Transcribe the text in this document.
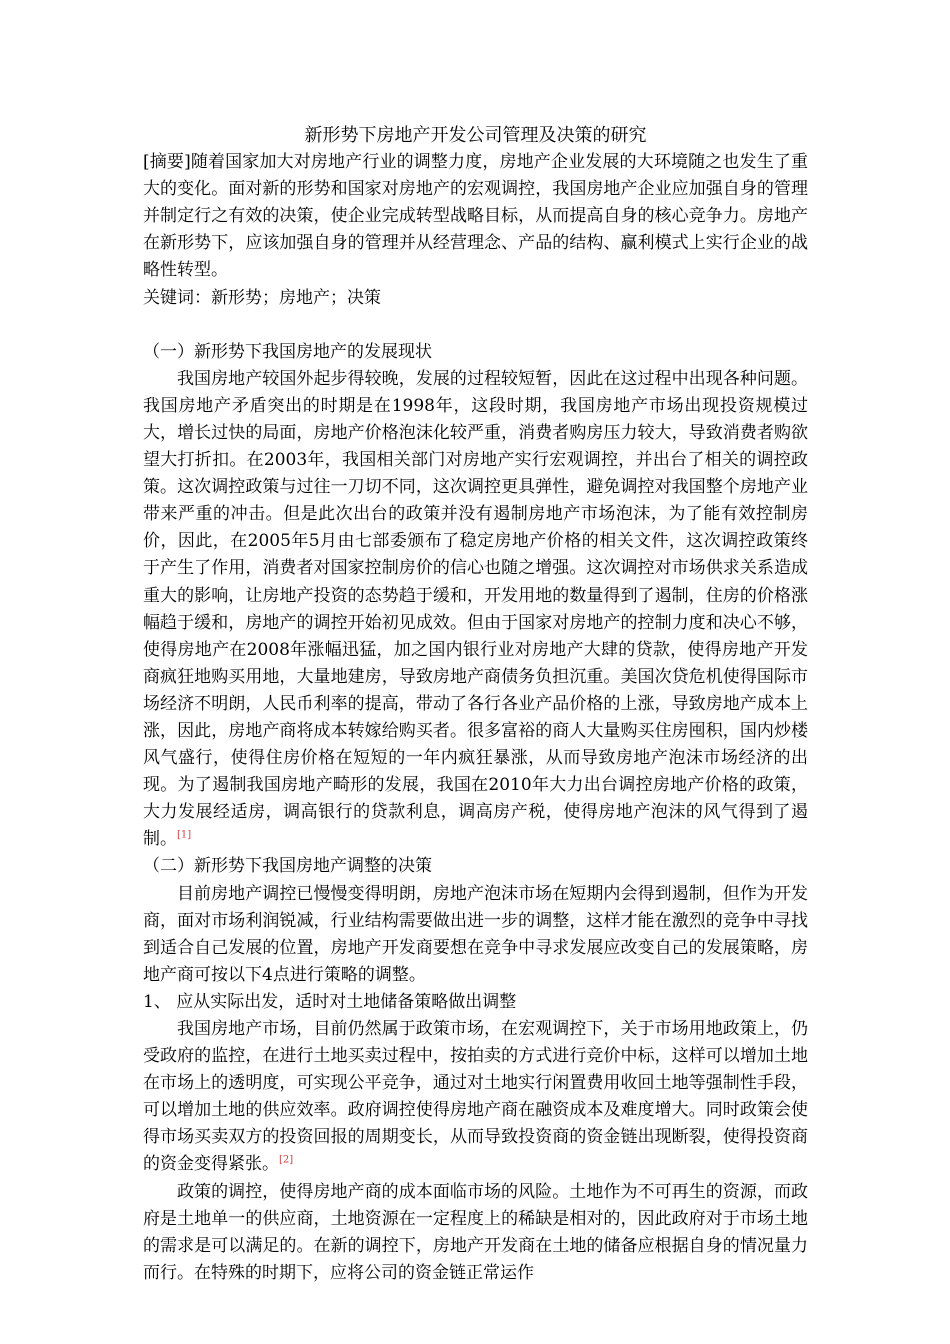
新形势下房地产开发公司管理及决策的研究

[摘要]随着国家加大对房地产行业的调整力度，房地产企业发展的大环境随之也发生了重大的变化。面对新的形势和国家对房地产的宏观调控，我国房地产企业应加强自身的管理并制定行之有效的决策，使企业完成转型战略目标，从而提高自身的核心竞争力。房地产在新形势下，应该加强自身的管理并从经营理念、产品的结构、赢利模式上实行企业的战略性转型。

关键词：新形势；房地产；决策

（一）新形势下我国房地产的发展现状

我国房地产较国外起步得较晚，发展的过程较短暂，因此在这过程中出现各种问题。我国房地产矛盾突出的时期是在1998年，这段时期，我国房地产市场出现投资规模过大，增长过快的局面，房地产价格泡沫化较严重，消费者购房压力较大，导致消费者购欲望大打折扣。在2003年，我国相关部门对房地产实行宏观调控，并出台了相关的调控政策。这次调控政策与过往一刀切不同，这次调控更具弹性，避免调控对我国整个房地产业带来严重的冲击。但是此次出台的政策并没有遏制房地产市场泡沫，为了能有效控制房价，因此，在2005年5月由七部委颁布了稳定房地产价格的相关文件，这次调控政策终于产生了作用，消费者对国家控制房价的信心也随之增强。这次调控对市场供求关系造成重大的影响，让房地产投资的态势趋于缓和，开发用地的数量得到了遏制，住房的价格涨幅趋于缓和，房地产的调控开始初见成效。但由于国家对房地产的控制力度和决心不够，使得房地产在2008年涨幅迅猛，加之国内银行业对房地产大肆的贷款，使得房地产开发商疯狂地购买用地，大量地建房，导致房地产商债务负担沉重。美国次贷危机使得国际市场经济不明朗，人民币利率的提高，带动了各行各业产品价格的上涨，导致房地产成本上涨，因此，房地产商将成本转嫁给购买者。很多富裕的商人大量购买住房囤积，国内炒楼风气盛行，使得住房价格在短短的一年内疯狂暴涨，从而导致房地产泡沫市场经济的出现。为了遏制我国房地产畸形的发展，我国在2010年大力出台调控房地产价格的政策，大力发展经适房，调高银行的贷款利息，调高房产税，使得房地产泡沫的风气得到了遏制。[1]

（二）新形势下我国房地产调整的决策

目前房地产调控已慢慢变得明朗，房地产泡沫市场在短期内会得到遏制，但作为开发商，面对市场利润锐减，行业结构需要做出进一步的调整，这样才能在激烈的竞争中寻找到适合自己发展的位置，房地产开发商要想在竞争中寻求发展应改变自己的发展策略，房地产商可按以下4点进行策略的调整。

1、 应从实际出发，适时对土地储备策略做出调整

我国房地产市场，目前仍然属于政策市场，在宏观调控下，关于市场用地政策上，仍受政府的监控，在进行土地买卖过程中，按拍卖的方式进行竞价中标，这样可以增加土地在市场上的透明度，可实现公平竞争，通过对土地实行闲置费用收回土地等强制性手段，可以增加土地的供应效率。政府调控使得房地产商在融资成本及难度增大。同时政策会使得市场买卖双方的投资回报的周期变长，从而导致投资商的资金链出现断裂，使得投资商的资金变得紧张。[2]

政策的调控，使得房地产商的成本面临市场的风险。土地作为不可再生的资源，而政府是土地单一的供应商，土地资源在一定程度上的稀缺是相对的，因此政府对于市场土地的需求是可以满足的。在新的调控下，房地产开发商在土地的储备应根据自身的情况量力而行。在特殊的时期下，应将公司的资金链正常运作
